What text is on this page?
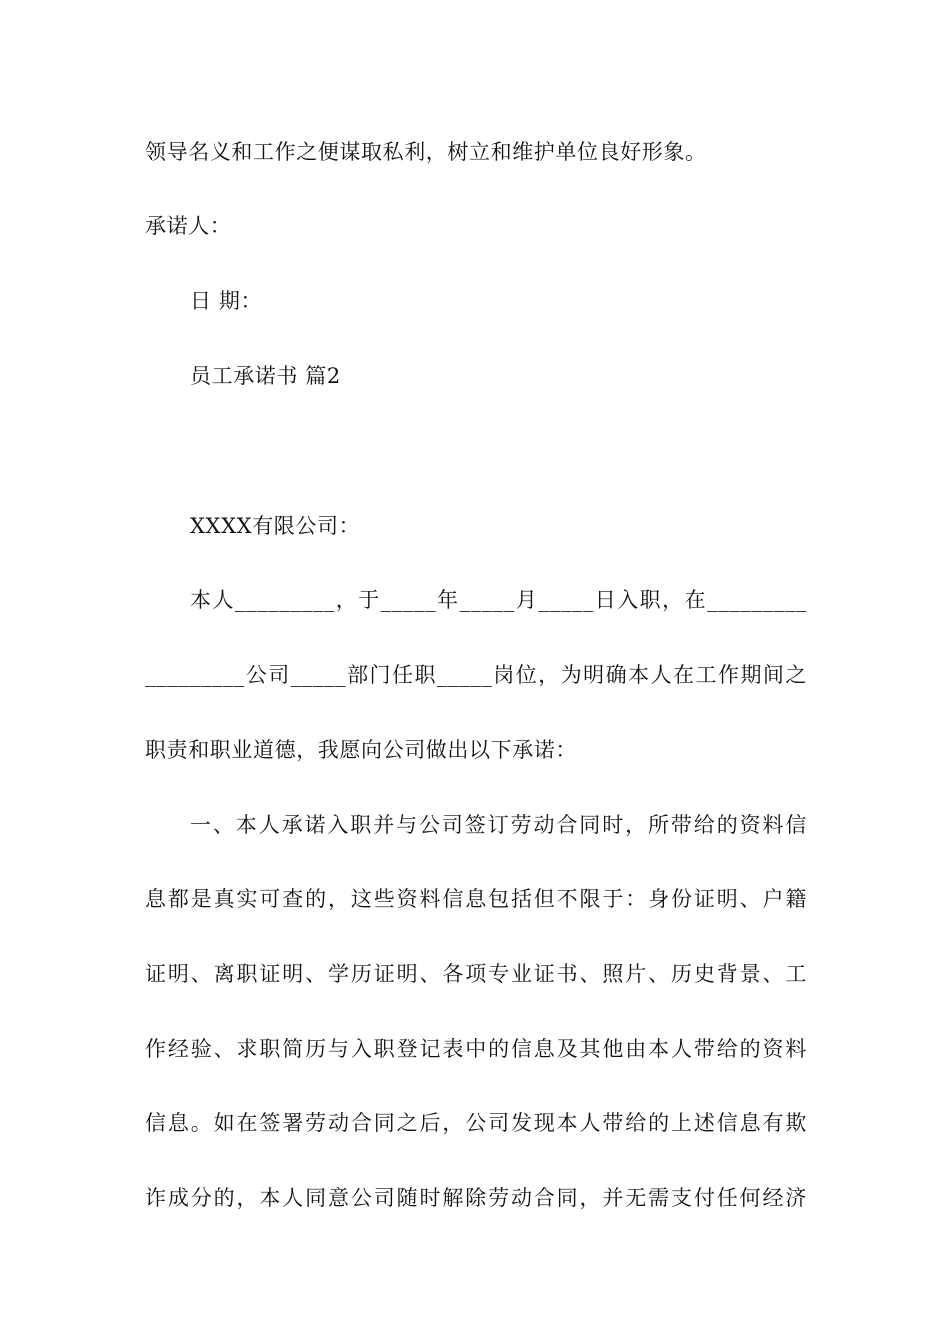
领导名义和工作之便谋取私利，树立和维护单位良好形象。
承诺人：
日 期：
员工承诺书 篇2
XXXX有限公司：
本人_________，于_____年_____月_____日入职，在_________
_________公司_____部门任职_____岗位，为明确本人在工作期间之
职责和职业道德，我愿向公司做出以下承诺：
一、本人承诺入职并与公司签订劳动合同时，所带给的资料信
息都是真实可查的，这些资料信息包括但不限于：身份证明、户籍
证明、离职证明、学历证明、各项专业证书、照片、历史背景、工
作经验、求职简历与入职登记表中的信息及其他由本人带给的资料
信息。如在签署劳动合同之后，公司发现本人带给的上述信息有欺
诈成分的，本人同意公司随时解除劳动合同，并无需支付任何经济
